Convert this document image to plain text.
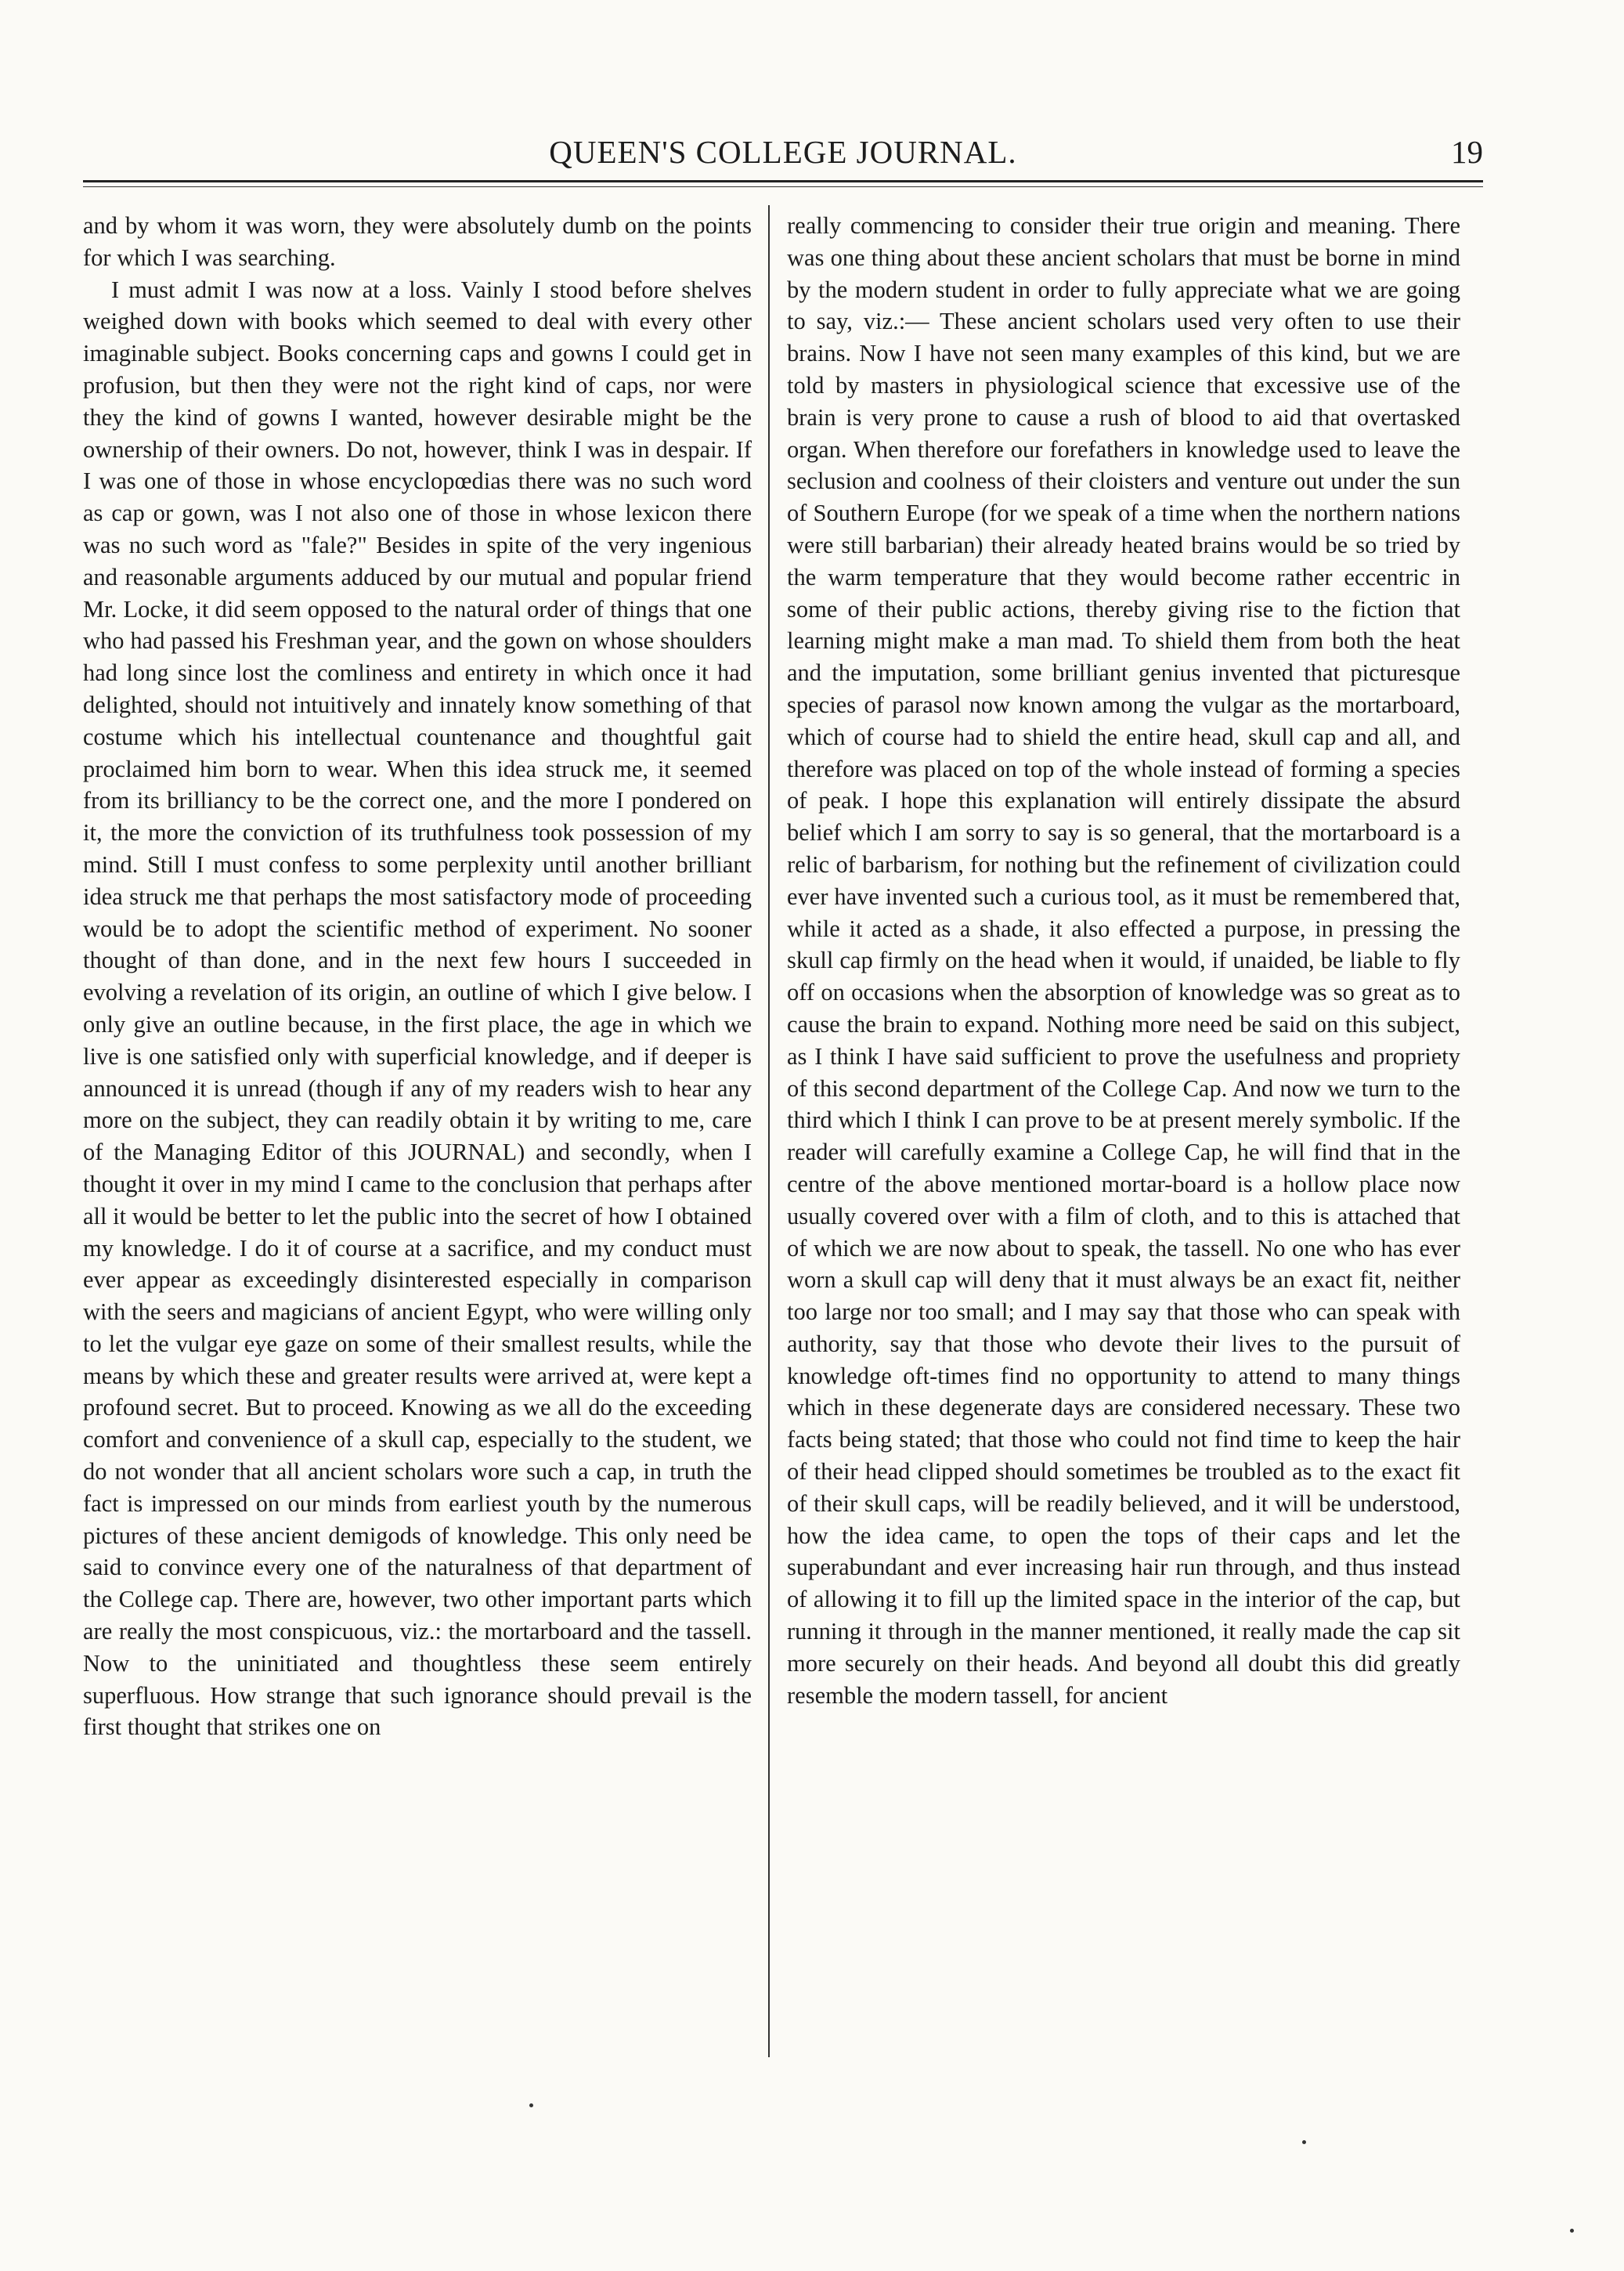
QUEEN'S COLLEGE JOURNAL.	19

and by whom it was worn, they were absolutely dumb on the points for which I was searching.

I must admit I was now at a loss. Vainly I stood before shelves weighed down with books which seemed to deal with every other imaginable subject. Books concerning caps and gowns I could get in profusion, but then they were not the right kind of caps, nor were they the kind of gowns I wanted, however desirable might be the ownership of their owners. Do not, however, think I was in despair. If I was one of those in whose encyclopœdias there was no such word as cap or gown, was I not also one of those in whose lexicon there was no such word as "fale?" Besides in spite of the very ingenious and reasonable arguments adduced by our mutual and popular friend Mr. Locke, it did seem opposed to the natural order of things that one who had passed his Freshman year, and the gown on whose shoulders had long since lost the comliness and entirety in which once it had delighted, should not intuitively and innately know something of that costume which his intellectual countenance and thoughtful gait proclaimed him born to wear. When this idea struck me, it seemed from its brilliancy to be the correct one, and the more I pondered on it, the more the conviction of its truthfulness took possession of my mind. Still I must confess to some perplexity until another brilliant idea struck me that perhaps the most satisfactory mode of proceeding would be to adopt the scientific method of experiment. No sooner thought of than done, and in the next few hours I succeeded in evolving a revelation of its origin, an outline of which I give below. I only give an outline because, in the first place, the age in which we live is one satisfied only with superficial knowledge, and if deeper is announced it is unread (though if any of my readers wish to hear any more on the subject, they can readily obtain it by writing to me, care of the Managing Editor of this JOURNAL) and secondly, when I thought it over in my mind I came to the conclusion that perhaps after all it would be better to let the public into the secret of how I obtained my knowledge. I do it of course at a sacrifice, and my conduct must ever appear as exceedingly disinterested especially in comparison with the seers and magicians of ancient Egypt, who were willing only to let the vulgar eye gaze on some of their smallest results, while the means by which these and greater results were arrived at, were kept a profound secret. But to proceed. Knowing as we all do the exceeding comfort and convenience of a skull cap, especially to the student, we do not wonder that all ancient scholars wore such a cap, in truth the fact is impressed on our minds from earliest youth by the numerous pictures of these ancient demigods of knowledge. This only need be said to convince every one of the naturalness of that department of the College cap. There are, however, two other important parts which are really the most conspicuous, viz.: the mortarboard and the tassell. Now to the uninitiated and thoughtless these seem entirely superfluous. How strange that such ignorance should prevail is the first thought that strikes one on

really commencing to consider their true origin and meaning. There was one thing about these ancient scholars that must be borne in mind by the modern student in order to fully appreciate what we are going to say, viz.:— These ancient scholars used very often to use their brains. Now I have not seen many examples of this kind, but we are told by masters in physiological science that excessive use of the brain is very prone to cause a rush of blood to aid that overtasked organ. When therefore our forefathers in knowledge used to leave the seclusion and coolness of their cloisters and venture out under the sun of Southern Europe (for we speak of a time when the northern nations were still barbarian) their already heated brains would be so tried by the warm temperature that they would become rather eccentric in some of their public actions, thereby giving rise to the fiction that learning might make a man mad. To shield them from both the heat and the imputation, some brilliant genius invented that picturesque species of parasol now known among the vulgar as the mortarboard, which of course had to shield the entire head, skull cap and all, and therefore was placed on top of the whole instead of forming a species of peak. I hope this explanation will entirely dissipate the absurd belief which I am sorry to say is so general, that the mortarboard is a relic of barbarism, for nothing but the refinement of civilization could ever have invented such a curious tool, as it must be remembered that, while it acted as a shade, it also effected a purpose, in pressing the skull cap firmly on the head when it would, if unaided, be liable to fly off on occasions when the absorption of knowledge was so great as to cause the brain to expand. Nothing more need be said on this subject, as I think I have said sufficient to prove the usefulness and propriety of this second department of the College Cap. And now we turn to the third which I think I can prove to be at present merely symbolic. If the reader will carefully examine a College Cap, he will find that in the centre of the above mentioned mortar-board is a hollow place now usually covered over with a film of cloth, and to this is attached that of which we are now about to speak, the tassell. No one who has ever worn a skull cap will deny that it must always be an exact fit, neither too large nor too small; and I may say that those who can speak with authority, say that those who devote their lives to the pursuit of knowledge oft-times find no opportunity to attend to many things which in these degenerate days are considered necessary. These two facts being stated; that those who could not find time to keep the hair of their head clipped should sometimes be troubled as to the exact fit of their skull caps, will be readily believed, and it will be understood, how the idea came, to open the tops of their caps and let the superabundant and ever increasing hair run through, and thus instead of allowing it to fill up the limited space in the interior of the cap, but running it through in the manner mentioned, it really made the cap sit more securely on their heads. And beyond all doubt this did greatly resemble the modern tassell, for ancient
